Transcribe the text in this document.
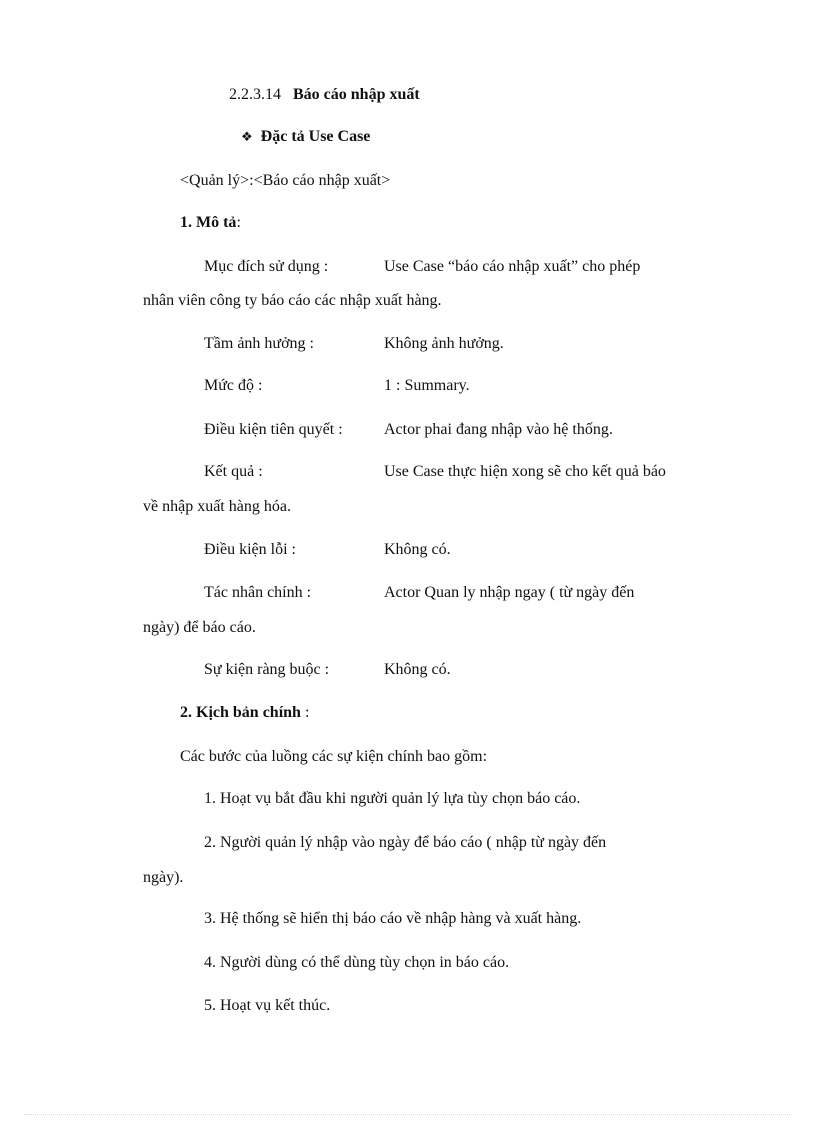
2.2.3.14 Báo cáo nhập xuất
❖ Đặc tả Use Case
<Quản lý>:<Báo cáo nhập xuất>
1. Mô tả:
Mục đích sử dụng :	Use Case “báo cáo nhập xuất” cho phép
nhân viên công ty báo cáo các nhập xuất hàng.
Tầm ảnh hưởng :	Không ảnh hưởng.
Mức độ :	1 : Summary.
Điều kiện tiên quyết :	Actor phai đang nhập vào hệ thống.
Kết quả :	Use Case thực hiện xong sẽ cho kết quả báo
về nhập xuất hàng hóa.
Điều kiện lỗi :	Không có.
Tác nhân chính :	Actor Quan ly nhập ngay ( từ ngày đến
ngày) để báo cáo.
Sự kiện ràng buộc :	Không có.
2. Kịch bản chính :
Các bước của luồng các sự kiện chính bao gồm:
1. Hoạt vụ bắt đầu khi người quản lý lựa tùy chọn báo cáo.
2. Người quản lý nhập vào ngày để báo cáo ( nhập từ ngày đến
ngày).
3. Hệ thống sẽ hiển thị báo cáo về nhập hàng và xuất hàng.
4. Người dùng có thể dùng tùy chọn in báo cáo.
5. Hoạt vụ kết thúc.
